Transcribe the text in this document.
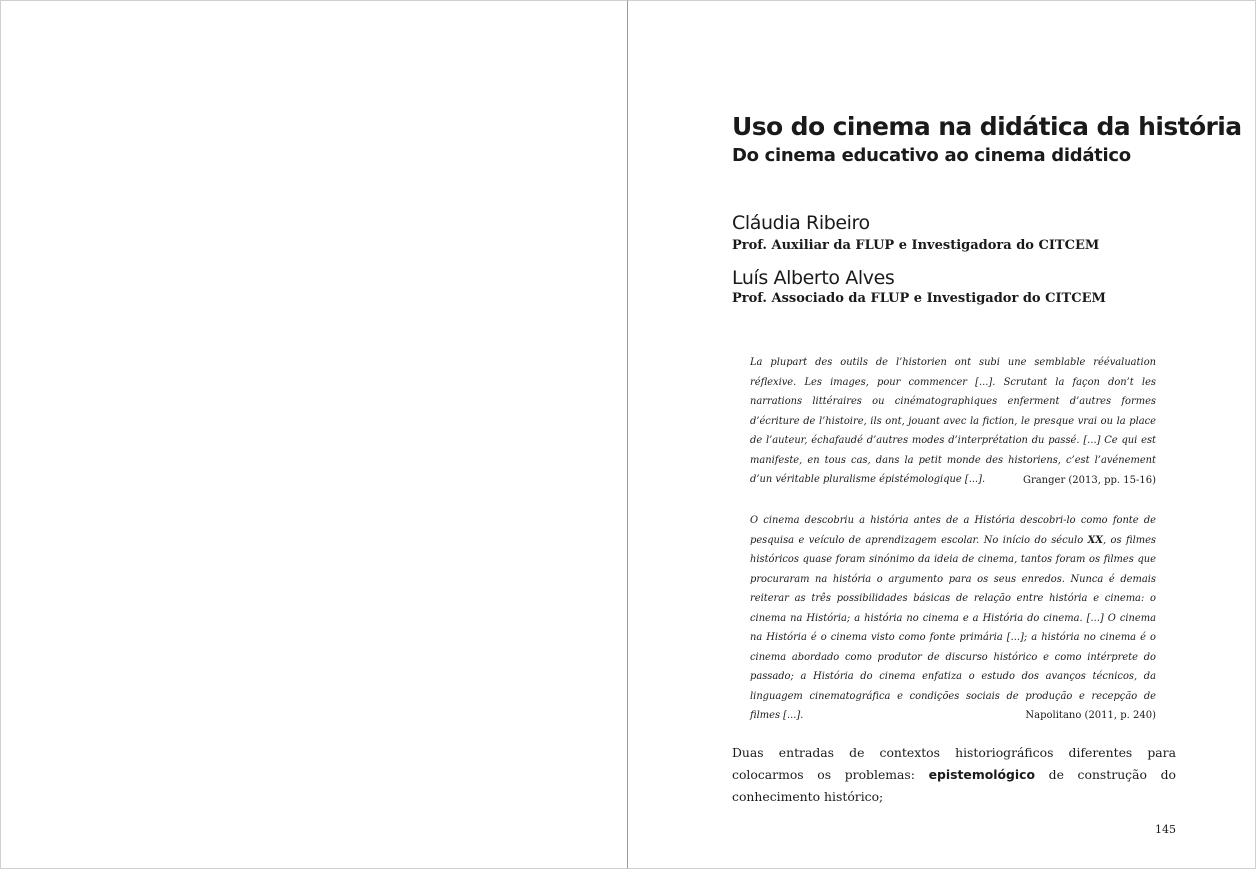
Uso do cinema na didática da história
Do cinema educativo ao cinema didático
Cláudia Ribeiro
Prof. Auxiliar da FLUP e Investigadora do CITCEM
Luís Alberto Alves
Prof. Associado da FLUP e Investigador do CITCEM

La plupart des outils de l’historien ont subi une semblable réévaluation réflexive. Les images, pour commencer [...]. Scrutant la façon don’t les narrations littéraires ou cinématographiques enferment d’autres formes d’écriture de l’histoire, ils ont, jouant avec la fiction, le presque vrai ou la place de l’auteur, échafaudé d’autres modes d’interprétation du passé. [...] Ce qui est manifeste, en tous cas, dans la petit monde des historiens, c’est l’avénement d’un véritable pluralisme épistémologique [...].	Granger (2013, pp. 15-16)

O cinema descobriu a história antes de a História descobri-lo como fonte de pesquisa e veículo de aprendizagem escolar. No início do século XX, os filmes históricos quase foram sinónimo da ideia de cinema, tantos foram os filmes que procuraram na história o argumento para os seus enredos. Nunca é demais reiterar as três possibilidades básicas de relação entre história e cinema: o cinema na História; a história no cinema e a História do cinema. [...] O cinema na História é o cinema visto como fonte primária [...]; a história no cinema é o cinema abordado como produtor de discurso histórico e como intérprete do passado; a História do cinema enfatiza o estudo dos avanços técnicos, da linguagem cinematográfica e condições sociais de produção e recepção de filmes [...].	Napolitano (2011, p. 240)

Duas entradas de contextos historiográficos diferentes para colocarmos os problemas: epistemológico de construção do conhecimento histórico;

145
